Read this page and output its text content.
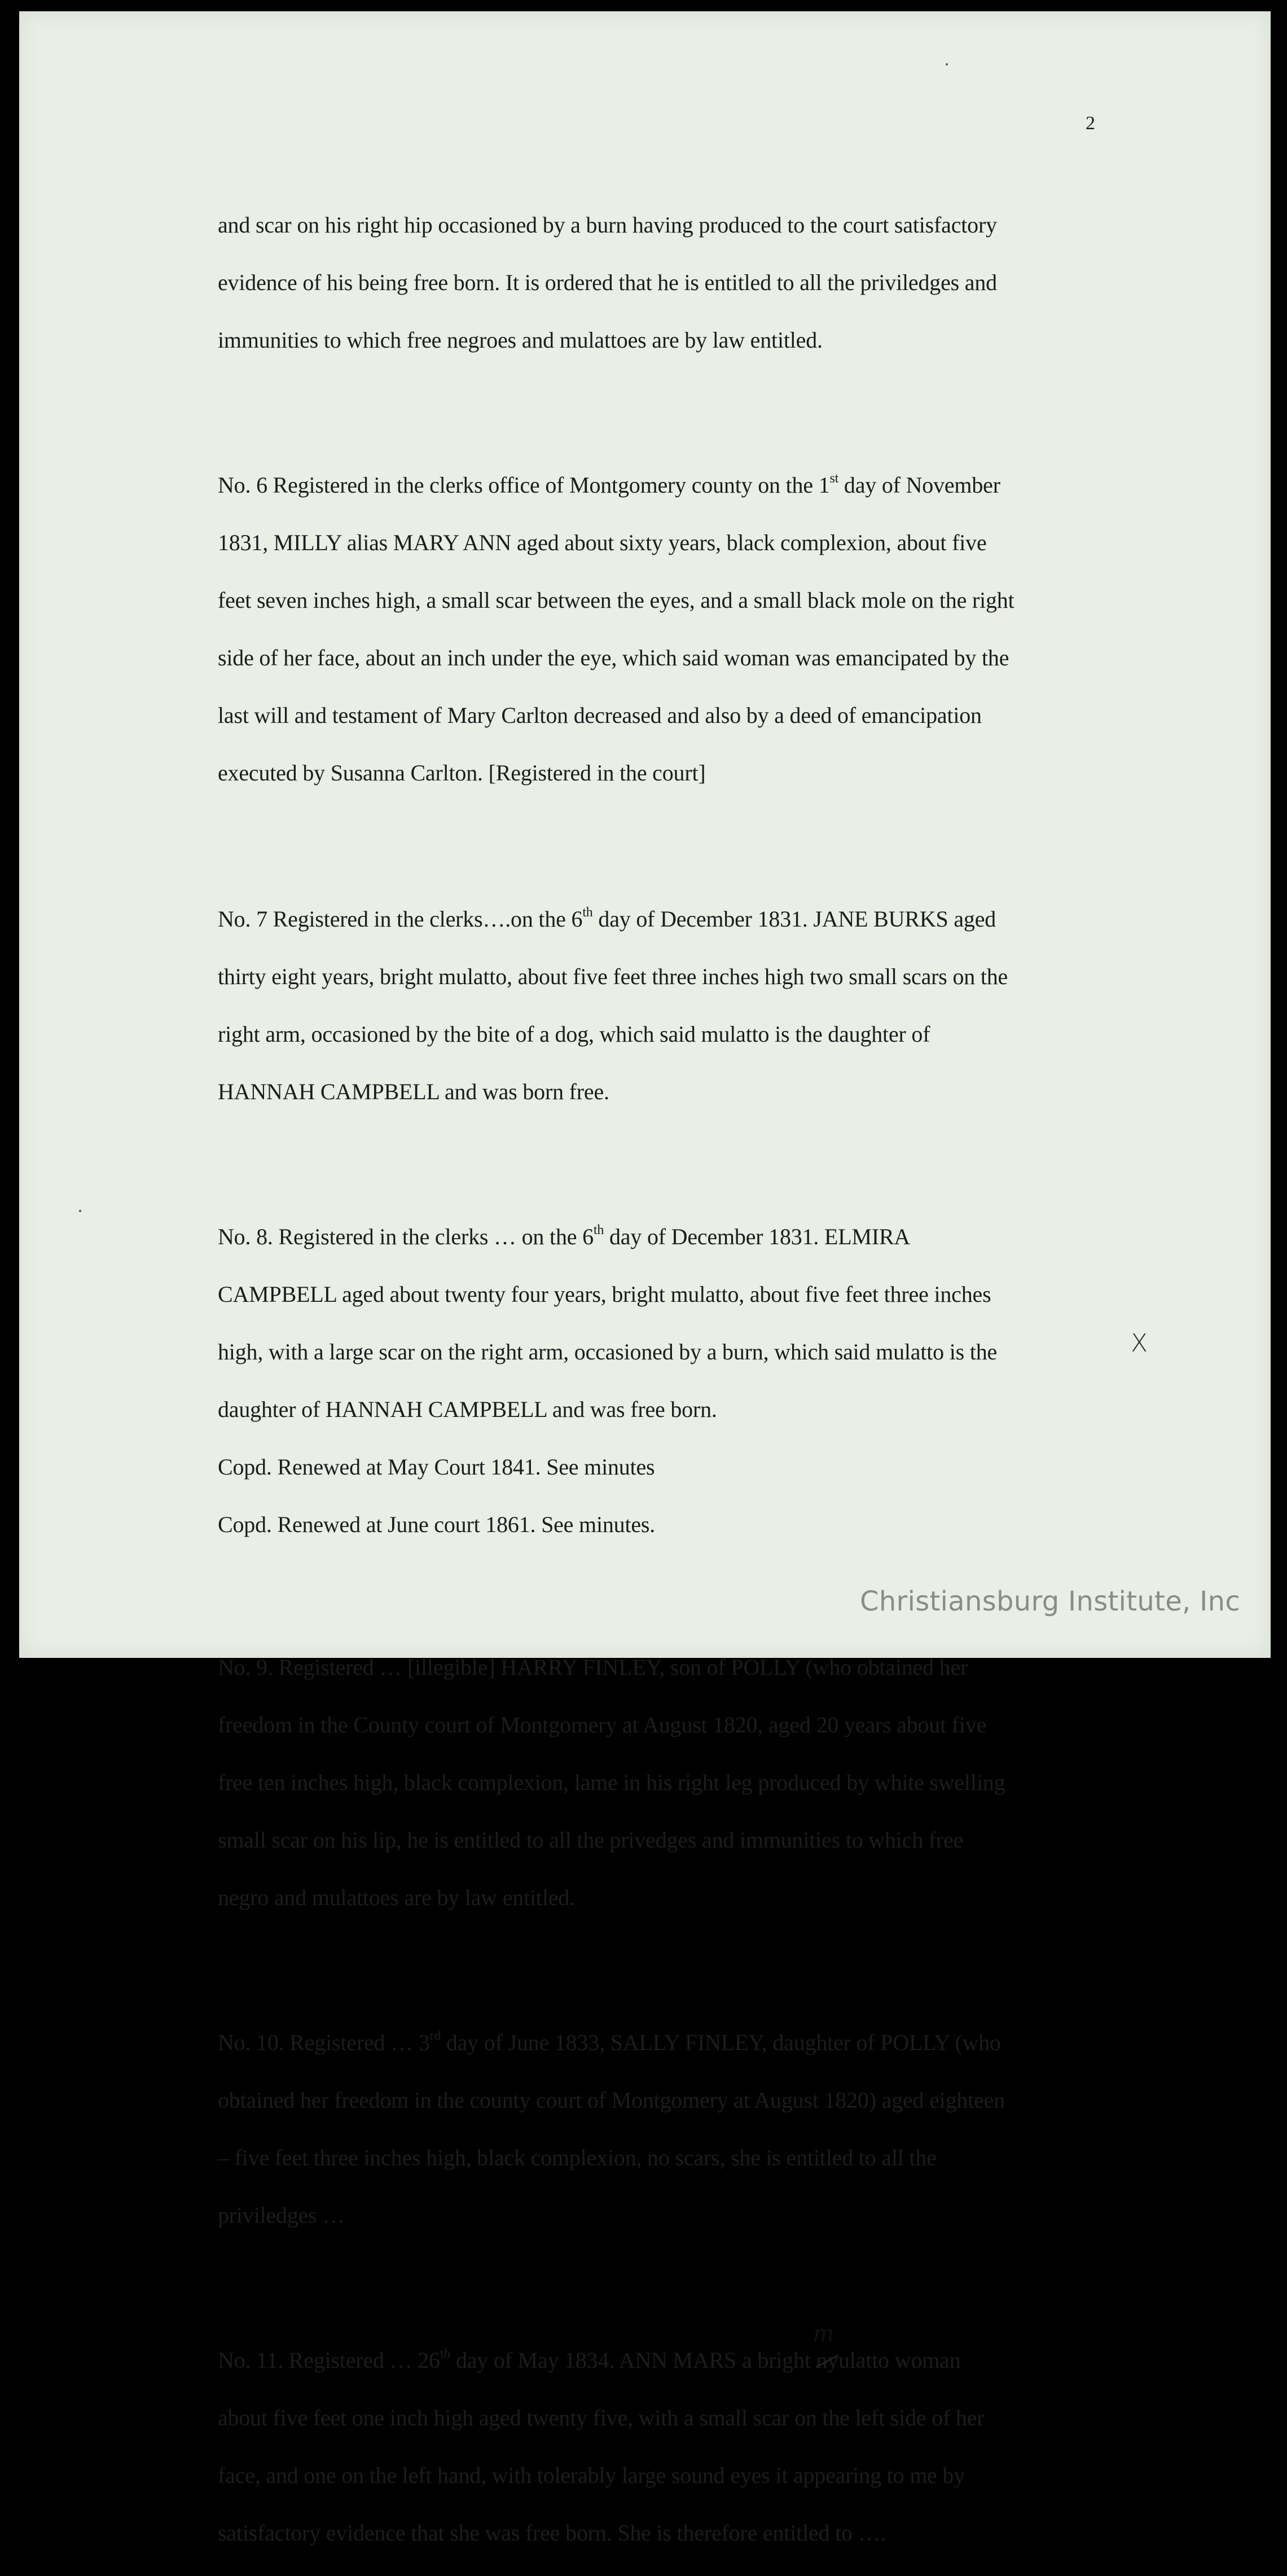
2

and scar on his right hip occasioned by a burn having produced to the court satisfactory

evidence of his being free born. It is ordered that he is entitled to all the priviledges and

immunities to which free negroes and mulattoes are by law entitled.

No. 6 Registered in the clerks office of Montgomery county on the 1st day of November

1831, MILLY alias MARY ANN aged about sixty years, black complexion, about five

feet seven inches high, a small scar between the eyes, and a small black mole on the right

side of her face, about an inch under the eye, which said woman was emancipated by the

last will and testament of Mary Carlton decreased and also by a deed of emancipation

executed by Susanna Carlton. [Registered in the court]

No. 7 Registered in the clerks….on the 6th day of December 1831. JANE BURKS aged

thirty eight years, bright mulatto, about five feet three inches high two small scars on the

right arm, occasioned by the bite of a dog, which said mulatto is the daughter of

HANNAH CAMPBELL and was born free.

No. 8. Registered in the clerks … on the 6th day of December 1831. ELMIRA

CAMPBELL aged about twenty four years, bright mulatto, about five feet three inches

high, with a large scar on the right arm, occasioned by a burn, which said mulatto is the

daughter of HANNAH CAMPBELL and was free born.

Copd. Renewed at May Court 1841. See minutes

Copd. Renewed at June court 1861. See minutes.

No. 9. Registered … [illegible] HARRY FINLEY, son of POLLY (who obtained her

freedom in the County court of Montgomery at August 1820, aged 20 years about five

free ten inches high, black complexion, lame in his right leg produced by white swelling

small scar on his lip, he is entitled to all the privedges and immunities to which free

negro and mulattoes are by law entitled.

No. 10. Registered … 3rd day of June 1833, SALLY FINLEY, daughter of POLLY (who

obtained her freedom in the county court of Montgomery at August 1820) aged eighteen

– five feet three inches high, black complexion, no scars, she is entitled to all the

priviledges …

No. 11. Registered … 26th day of May 1834. ANN MARS a bright ny
m
ulatto woman

about five feet one inch high aged twenty five, with a small scar on the left side of her

face, and one on the left hand, with tolerably large sound eyes it appearing to me by

satisfactory evidence that she was free born. She is therefore entitled to ….

X
Christiansburg Institute, Inc
